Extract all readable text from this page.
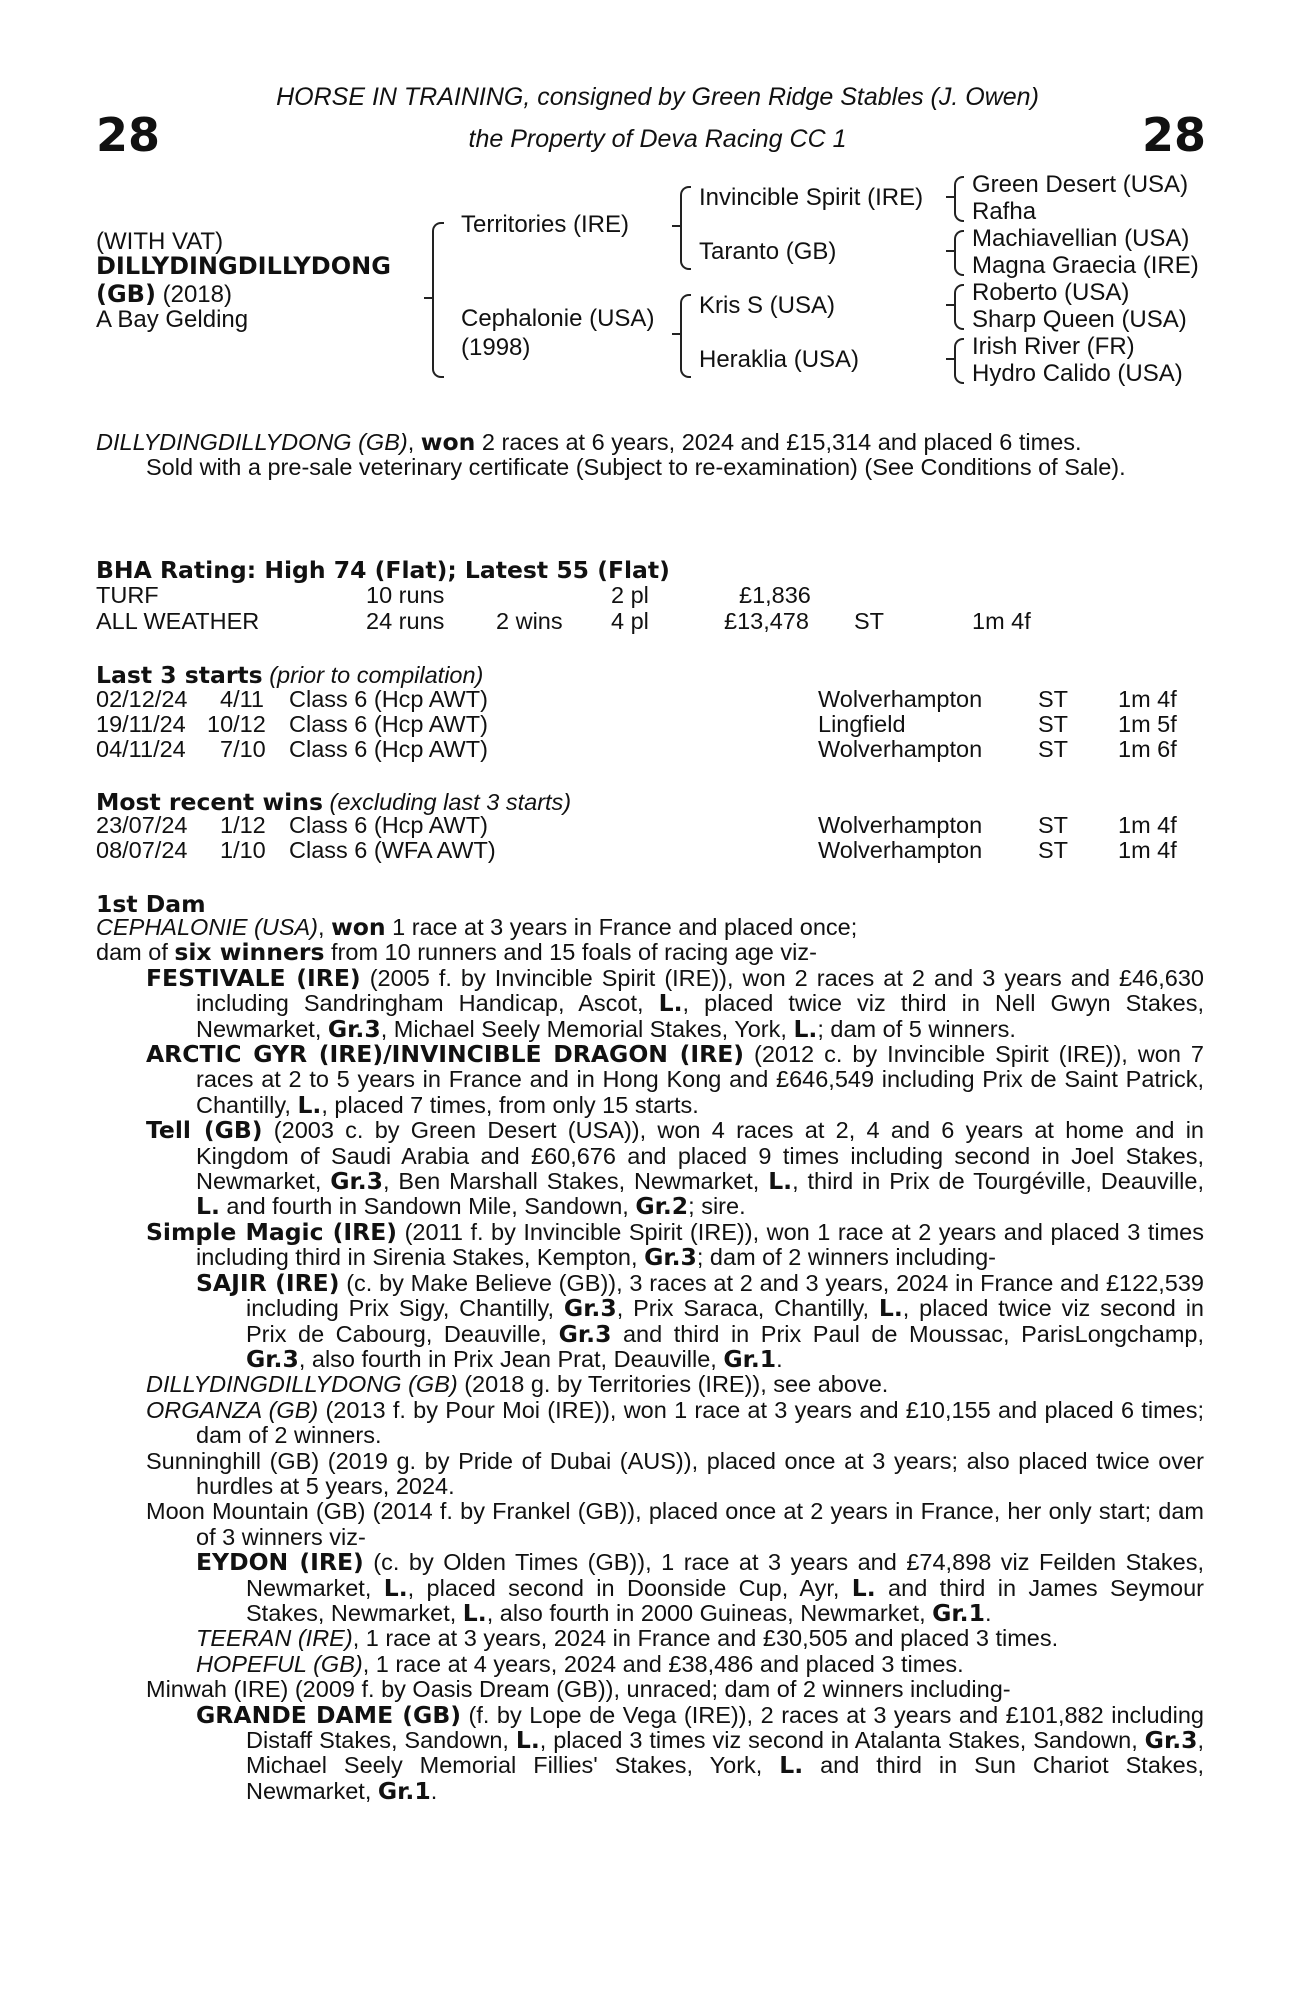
28	28
HORSE IN TRAINING, consigned by Green Ridge Stables (J. Owen)
the Property of Deva Racing CC 1
(WITH VAT)
DILLYDINGDILLYDONG
(GB) (2018)
A Bay Gelding
Territories (IRE)
Cephalonie (USA)
(1998)
Invincible Spirit (IRE)
Taranto (GB)
Kris S (USA)
Heraklia (USA)
Green Desert (USA)
Rafha
Machiavellian (USA)
Magna Graecia (IRE)
Roberto (USA)
Sharp Queen (USA)
Irish River (FR)
Hydro Calido (USA)
DILLYDINGDILLYDONG (GB), won 2 races at 6 years, 2024 and £15,314 and placed 6 times.
Sold with a pre-sale veterinary certificate (Subject to re-examination) (See Conditions of Sale).
BHA Rating: High 74 (Flat); Latest 55 (Flat)
TURF	10 runs	2 pl	£1,836
ALL WEATHER	24 runs 2 wins 4 pl	£13,478 ST	1m 4f
Last 3 starts (prior to compilation)
02/12/24 4/11 Class 6 (Hcp AWT)	Wolverhampton ST 1m 4f
19/11/24 10/12 Class 6 (Hcp AWT)	Lingfield	ST 1m 5f
04/11/24 7/10 Class 6 (Hcp AWT)	Wolverhampton ST 1m 6f
Most recent wins (excluding last 3 starts)
23/07/24 1/12 Class 6 (Hcp AWT)	Wolverhampton ST 1m 4f
08/07/24 1/10 Class 6 (WFA AWT)	Wolverhampton ST 1m 4f
1st Dam
CEPHALONIE (USA), won 1 race at 3 years in France and placed once;
dam of six winners from 10 runners and 15 foals of racing age viz-
FESTIVALE (IRE) (2005 f. by Invincible Spirit (IRE)), won 2 races at 2 and 3 years and £46,630 including Sandringham Handicap, Ascot, L., placed twice viz third in Nell Gwyn Stakes, Newmarket, Gr.3, Michael Seely Memorial Stakes, York, L.; dam of 5 winners.
ARCTIC GYR (IRE)/INVINCIBLE DRAGON (IRE) (2012 c. by Invincible Spirit (IRE)), won 7 races at 2 to 5 years in France and in Hong Kong and £646,549 including Prix de Saint Patrick, Chantilly, L., placed 7 times, from only 15 starts.
Tell (GB) (2003 c. by Green Desert (USA)), won 4 races at 2, 4 and 6 years at home and in Kingdom of Saudi Arabia and £60,676 and placed 9 times including second in Joel Stakes, Newmarket, Gr.3, Ben Marshall Stakes, Newmarket, L., third in Prix de Tourgéville, Deauville, L. and fourth in Sandown Mile, Sandown, Gr.2; sire.
Simple Magic (IRE) (2011 f. by Invincible Spirit (IRE)), won 1 race at 2 years and placed 3 times including third in Sirenia Stakes, Kempton, Gr.3; dam of 2 winners including-
SAJIR (IRE) (c. by Make Believe (GB)), 3 races at 2 and 3 years, 2024 in France and £122,539 including Prix Sigy, Chantilly, Gr.3, Prix Saraca, Chantilly, L., placed twice viz second in Prix de Cabourg, Deauville, Gr.3 and third in Prix Paul de Moussac, ParisLongchamp, Gr.3, also fourth in Prix Jean Prat, Deauville, Gr.1.
DILLYDINGDILLYDONG (GB) (2018 g. by Territories (IRE)), see above.
ORGANZA (GB) (2013 f. by Pour Moi (IRE)), won 1 race at 3 years and £10,155 and placed 6 times; dam of 2 winners.
Sunninghill (GB) (2019 g. by Pride of Dubai (AUS)), placed once at 3 years; also placed twice over hurdles at 5 years, 2024.
Moon Mountain (GB) (2014 f. by Frankel (GB)), placed once at 2 years in France, her only start; dam of 3 winners viz-
EYDON (IRE) (c. by Olden Times (GB)), 1 race at 3 years and £74,898 viz Feilden Stakes, Newmarket, L., placed second in Doonside Cup, Ayr, L. and third in James Seymour Stakes, Newmarket, L., also fourth in 2000 Guineas, Newmarket, Gr.1.
TEERAN (IRE), 1 race at 3 years, 2024 in France and £30,505 and placed 3 times.
HOPEFUL (GB), 1 race at 4 years, 2024 and £38,486 and placed 3 times.
Minwah (IRE) (2009 f. by Oasis Dream (GB)), unraced; dam of 2 winners including-
GRANDE DAME (GB) (f. by Lope de Vega (IRE)), 2 races at 3 years and £101,882 including Distaff Stakes, Sandown, L., placed 3 times viz second in Atalanta Stakes, Sandown, Gr.3, Michael Seely Memorial Fillies' Stakes, York, L. and third in Sun Chariot Stakes, Newmarket, Gr.1.
